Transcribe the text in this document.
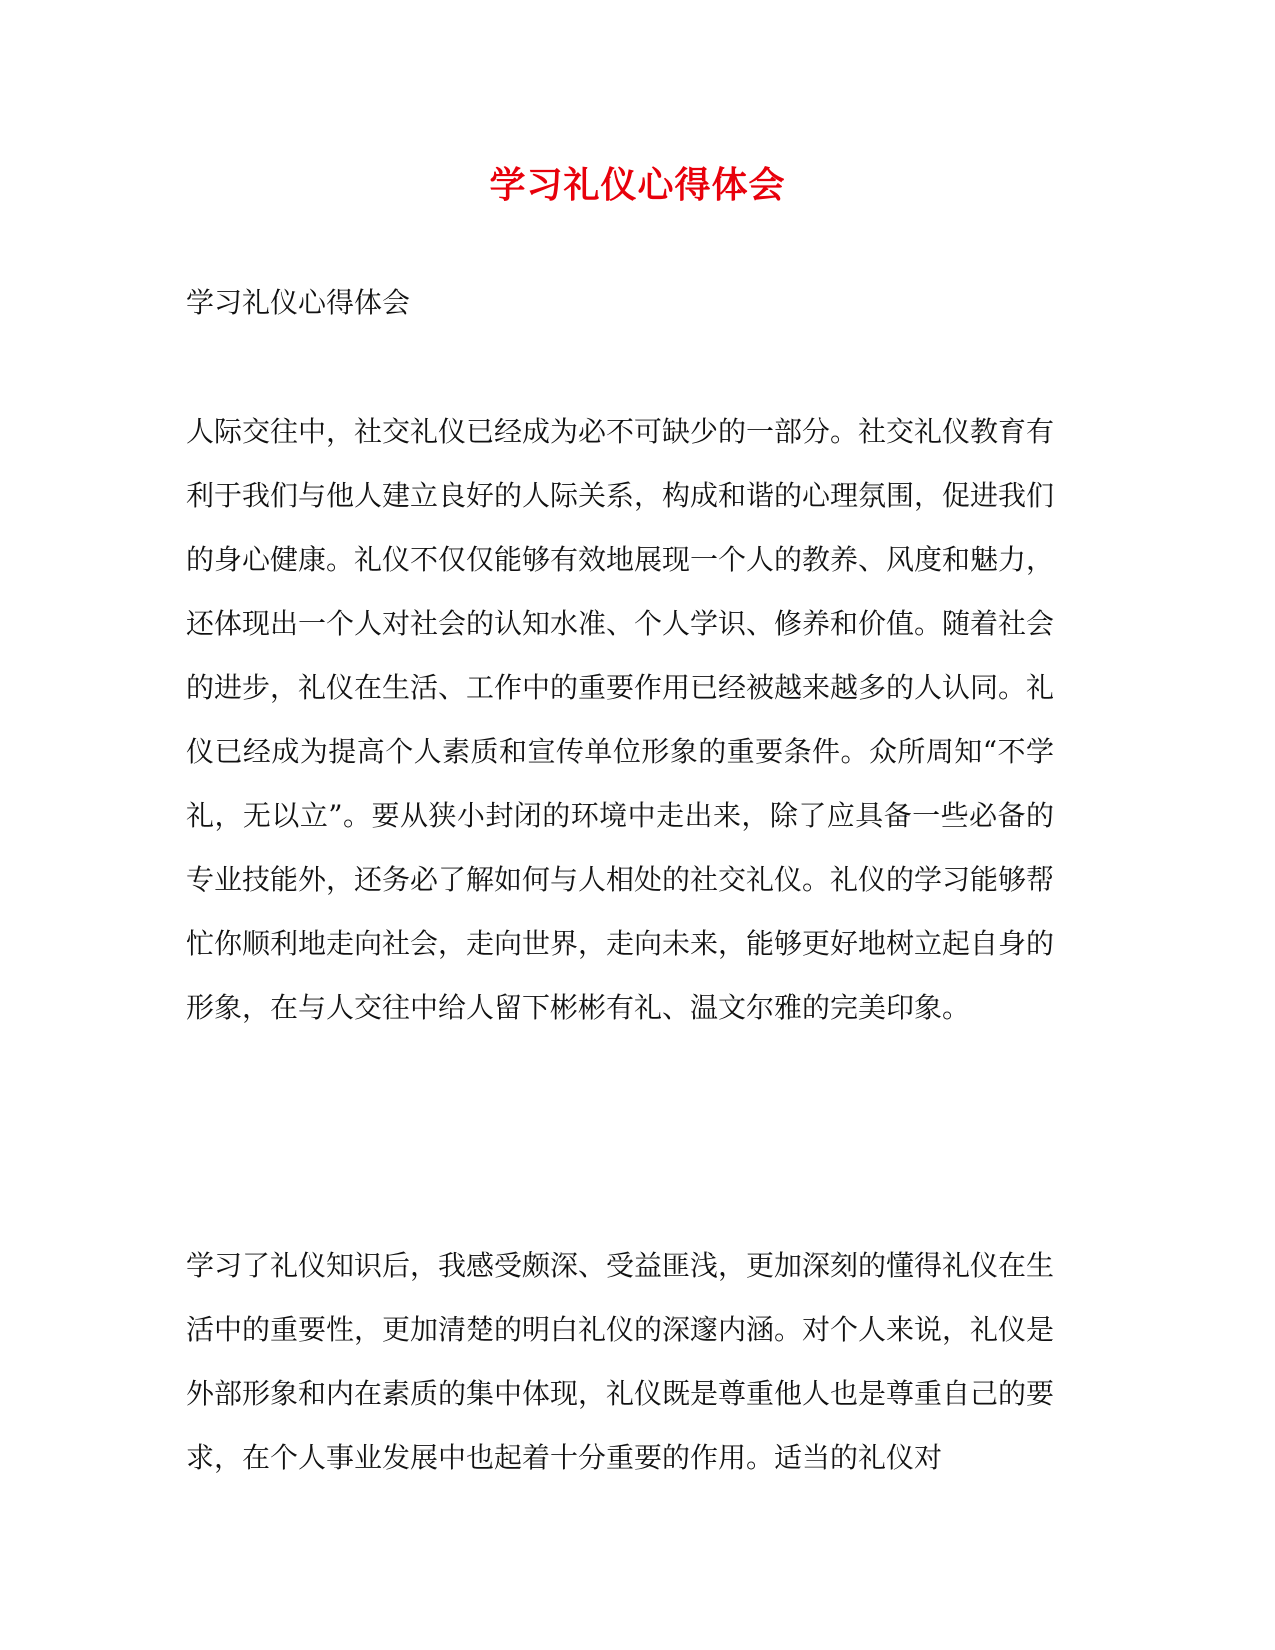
学习礼仪心得体会
学习礼仪心得体会

人际交往中，社交礼仪已经成为必不可缺少的一部分。社交礼仪教育有利于我们与他人建立良好的人际关系，构成和谐的心理氛围，促进我们的身心健康。礼仪不仅仅能够有效地展现一个人的教养、风度和魅力，还体现出一个人对社会的认知水准、个人学识、修养和价值。随着社会的进步，礼仪在生活、工作中的重要作用已经被越来越多的人认同。礼仪已经成为提高个人素质和宣传单位形象的重要条件。众所周知“不学礼，无以立”。要从狭小封闭的环境中走出来，除了应具备一些必备的专业技能外，还务必了解如何与人相处的社交礼仪。礼仪的学习能够帮忙你顺利地走向社会，走向世界，走向未来，能够更好地树立起自身的形象，在与人交往中给人留下彬彬有礼、温文尔雅的完美印象。

学习了礼仪知识后，我感受颇深、受益匪浅，更加深刻的懂得礼仪在生活中的重要性，更加清楚的明白礼仪的深邃内涵。对个人来说，礼仪是外部形象和内在素质的集中体现，礼仪既是尊重他人也是尊重自己的要求，在个人事业发展中也起着十分重要的作用。适当的礼仪对
